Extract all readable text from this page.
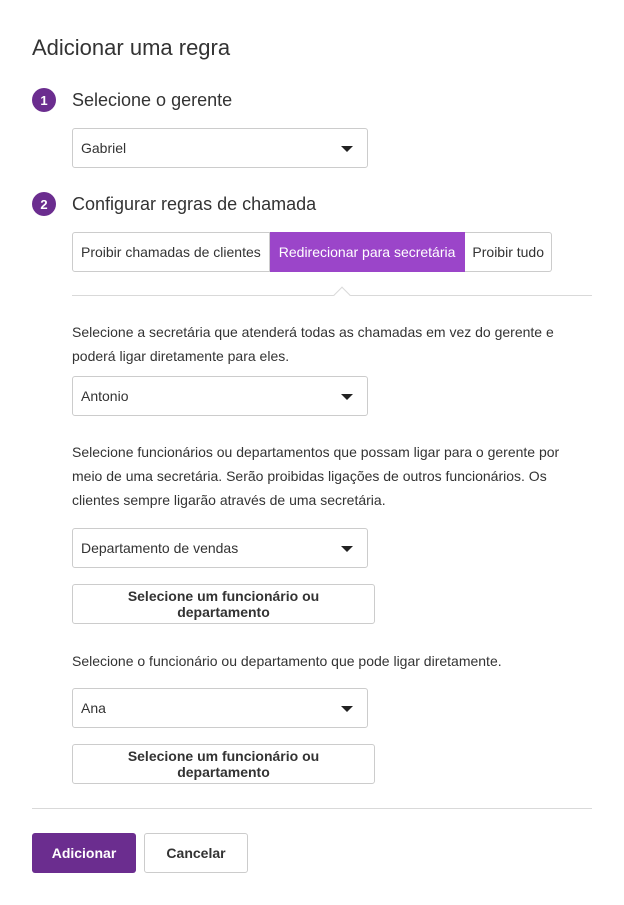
Adicionar uma regra
1	Selecione o gerente
Gabriel
2	Configurar regras de chamada
Proibir chamadas de clientes	Redirecionar para secretária	Proibir tudo
Selecione a secretária que atenderá todas as chamadas em vez do gerente e poderá ligar diretamente para eles.
Antonio
Selecione funcionários ou departamentos que possam ligar para o gerente por meio de uma secretária. Serão proibidas ligações de outros funcionários. Os clientes sempre ligarão através de uma secretária.
Departamento de vendas
Selecione um funcionário ou departamento
Selecione o funcionário ou departamento que pode ligar diretamente.
Ana
Selecione um funcionário ou departamento
Adicionar	Cancelar
